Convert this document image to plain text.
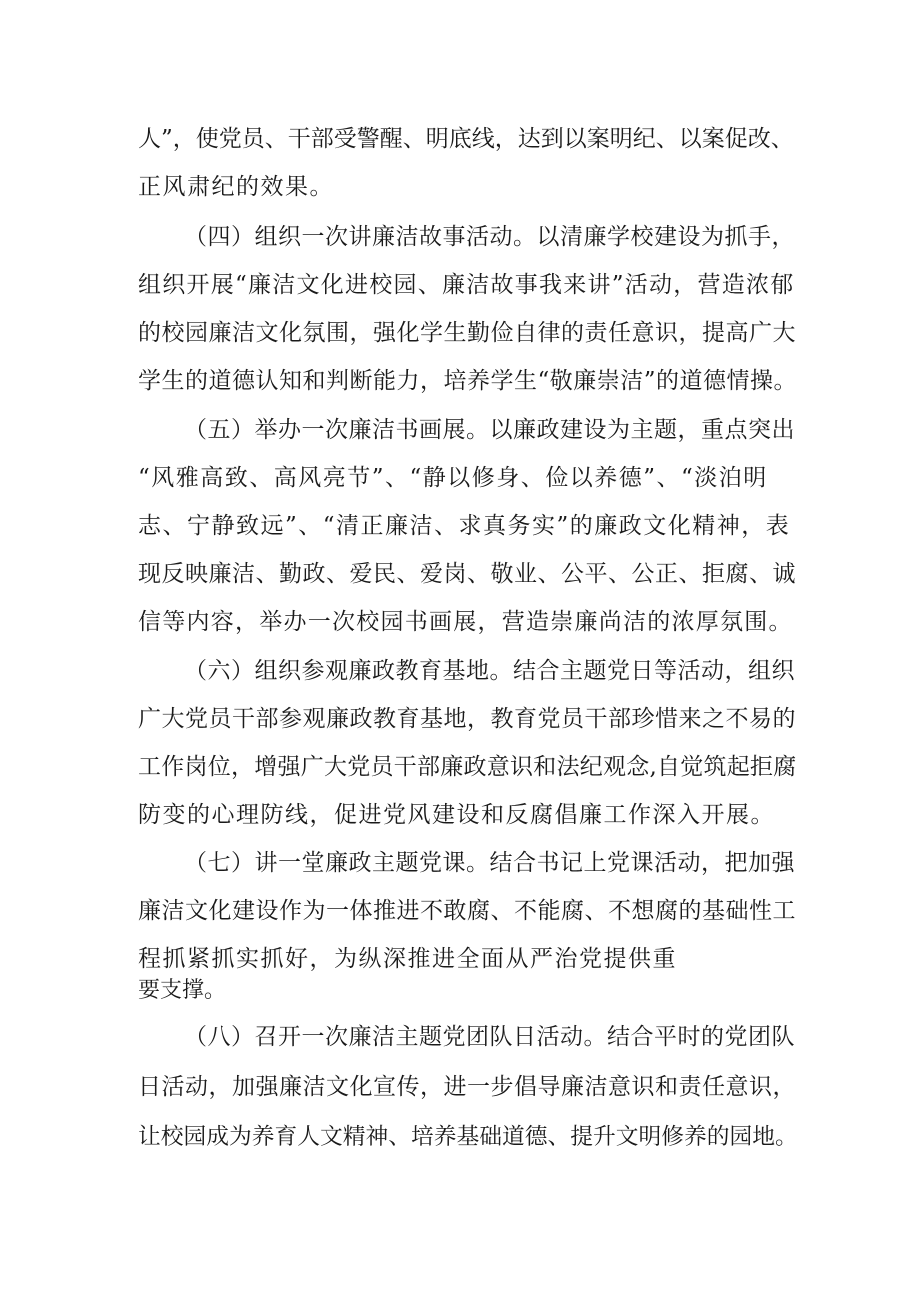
人”，使党员、干部受警醒、明底线，达到以案明纪、以案促改、
正风肃纪的效果。
（四）组织一次讲廉洁故事活动。以清廉学校建设为抓手，
组织开展“廉洁文化进校园、廉洁故事我来讲”活动，营造浓郁
的校园廉洁文化氛围，强化学生勤俭自律的责任意识，提高广大
学生的道德认知和判断能力，培养学生“敬廉崇洁”的道德情操。
（五）举办一次廉洁书画展。以廉政建设为主题，重点突出
“风雅高致、高风亮节”、“静以修身、俭以养德”、“淡泊明
志、宁静致远”、“清正廉洁、求真务实”的廉政文化精神，表
现反映廉洁、勤政、爱民、爱岗、敬业、公平、公正、拒腐、诚
信等内容，举办一次校园书画展，营造崇廉尚洁的浓厚氛围。
（六）组织参观廉政教育基地。结合主题党日等活动，组织
广大党员干部参观廉政教育基地，教育党员干部珍惜来之不易的
工作岗位，增强广大党员干部廉政意识和法纪观念,自觉筑起拒腐
防变的心理防线，促进党风建设和反腐倡廉工作深入开展。
（七）讲一堂廉政主题党课。结合书记上党课活动，把加强
廉洁文化建设作为一体推进不敢腐、不能腐、不想腐的基础性工
程抓紧抓实抓好，为纵深推进全面从严治党提供重
要支撑。
（八）召开一次廉洁主题党团队日活动。结合平时的党团队
日活动，加强廉洁文化宣传，进一步倡导廉洁意识和责任意识，
让校园成为养育人文精神、培养基础道德、提升文明修养的园地。
